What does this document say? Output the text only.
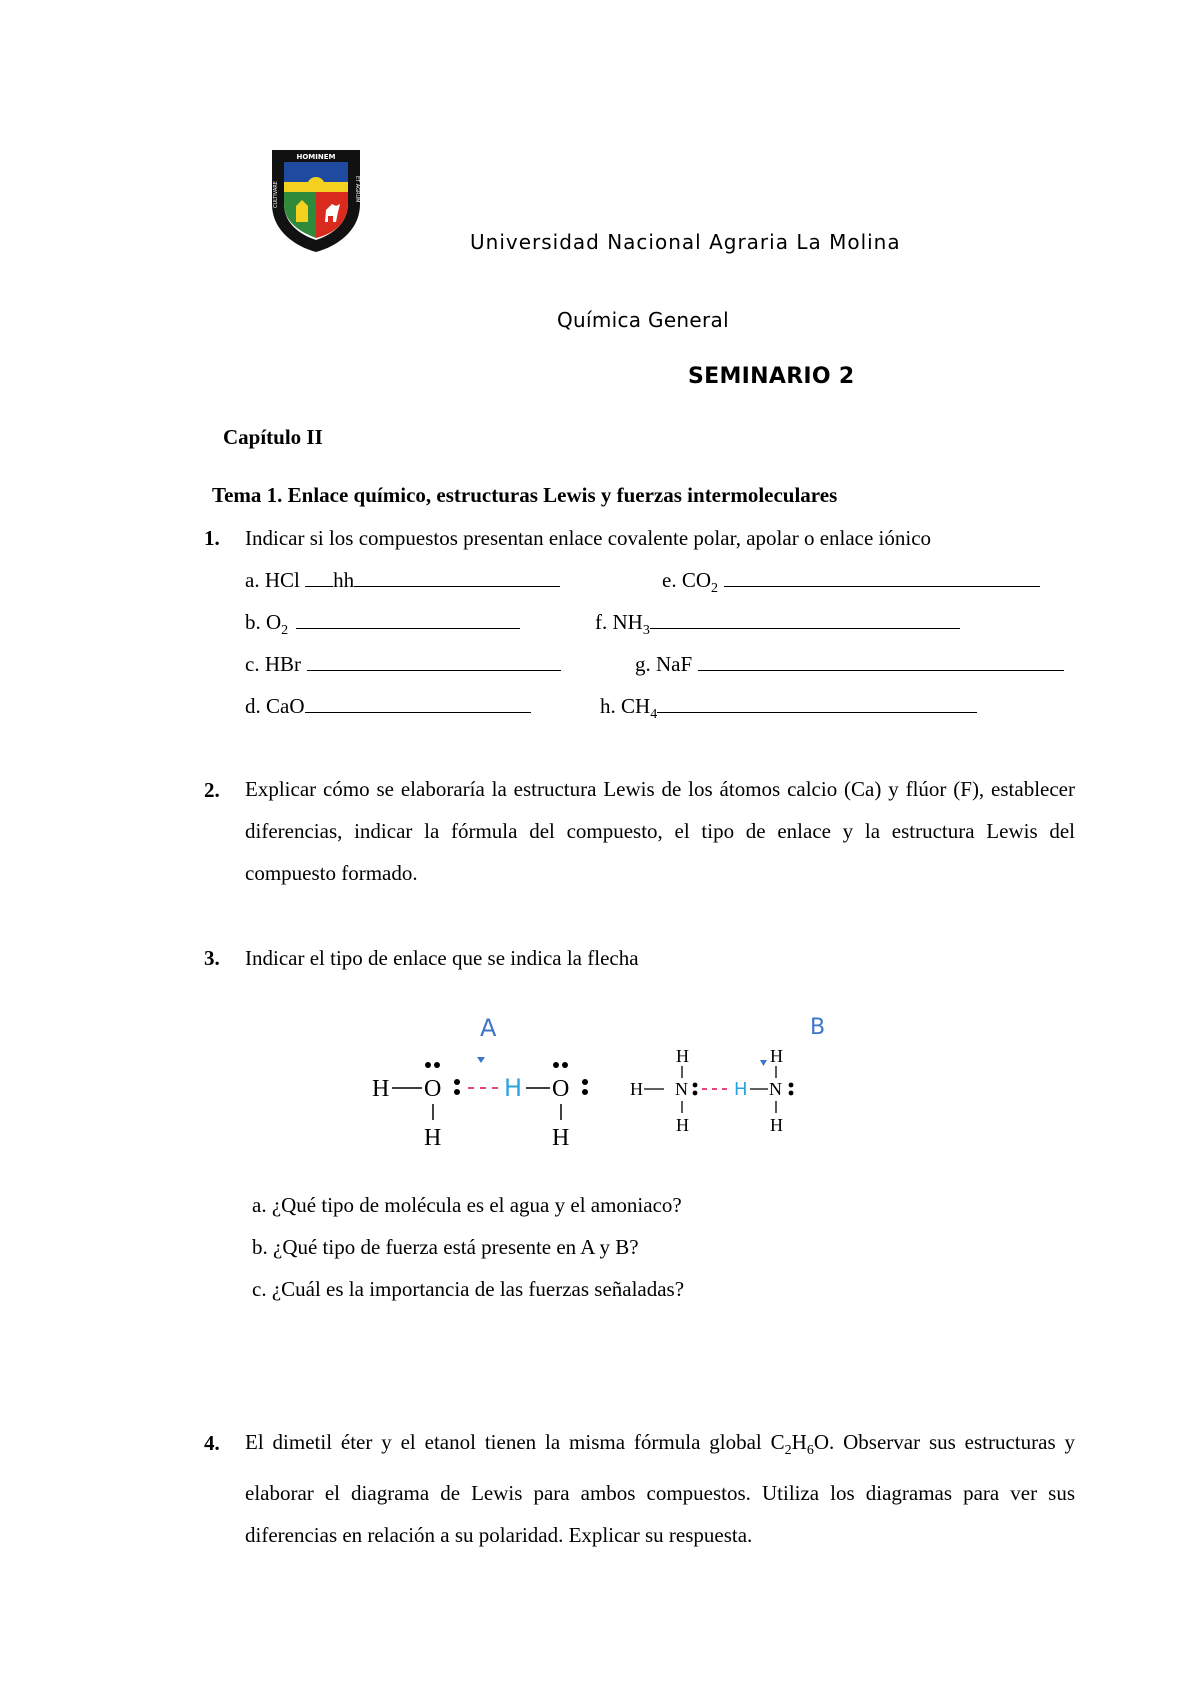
HOMINEM
CULTIVARE	ET AGRUM
Universidad Nacional Agraria La Molina
Química General
SEMINARIO 2
Capítulo II
Tema 1. Enlace químico, estructuras Lewis y fuerzas intermoleculares
1. Indicar si los compuestos presentan enlace covalente polar, apolar o enlace iónico
a. HCl hh	e. $CO_2$
b. $O_2$	f. $NH_3$
c. HBr	g. NaF
d. CaO	h. $CH_4$
2. Explicar cómo se elaboraría la estructura Lewis de los átomos calcio (Ca) y flúor (F), establecer diferencias, indicar la fórmula del compuesto, el tipo de enlace y la estructura Lewis del compuesto formado.
3. Indicar el tipo de enlace que se indica la flecha
A	B
H O
H
H O
H
H
H N
H
H
H
N
H
a. ¿Qué tipo de molécula es el agua y el amoniaco?
b. ¿Qué tipo de fuerza está presente en A y B?
c. ¿Cuál es la importancia de las fuerzas señaladas?
4. El dimetil éter y el etanol tienen la misma fórmula global $C_2H_6O$. Observar sus estructuras y elaborar el diagrama de Lewis para ambos compuestos. Utiliza los diagramas para ver sus diferencias en relación a su polaridad. Explicar su respuesta.
